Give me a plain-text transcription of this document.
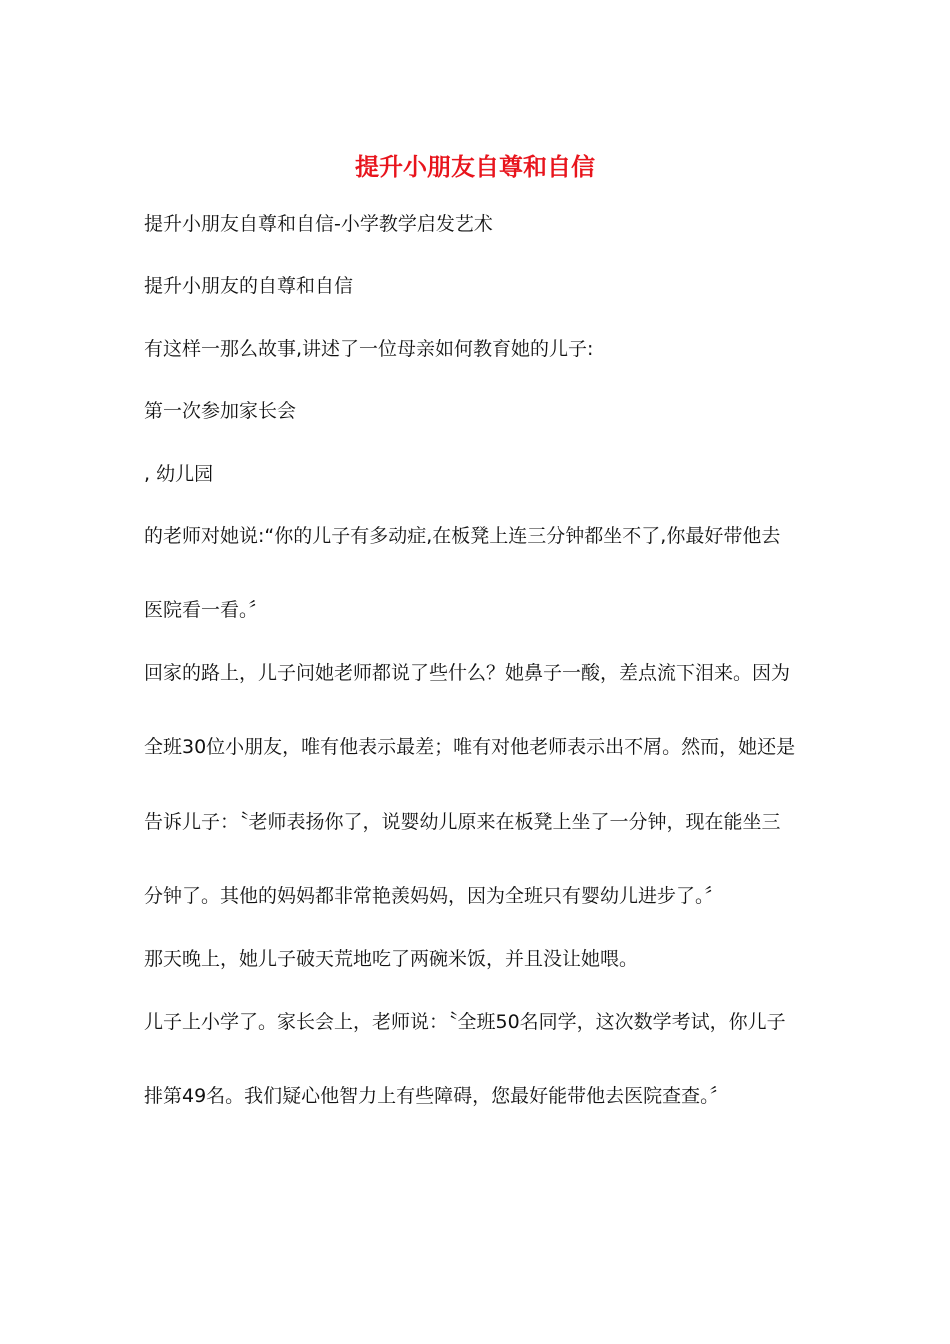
提升小朋友自尊和自信
提升小朋友自尊和自信-小学教学启发艺术
提升小朋友的自尊和自信
有这样一那么故事,讲述了一位母亲如何教育她的儿子:
第一次参加家长会
, 幼儿园
的老师对她说:“你的儿子有多动症,在板凳上连三分钟都坐不了,你最好带他去
医院看一看。〞
回家的路上，儿子问她老师都说了些什么？她鼻子一酸，差点流下泪来。因为
全班30位小朋友，唯有他表示最差；唯有对他老师表示出不屑。然而，她还是
告诉儿子：〝老师表扬你了，说婴幼儿原来在板凳上坐了一分钟，现在能坐三
分钟了。其他的妈妈都非常艳羡妈妈，因为全班只有婴幼儿进步了。〞
那天晚上，她儿子破天荒地吃了两碗米饭，并且没让她喂。
儿子上小学了。家长会上，老师说：〝全班50名同学，这次数学考试，你儿子
排第49名。我们疑心他智力上有些障碍，您最好能带他去医院查查。〞
